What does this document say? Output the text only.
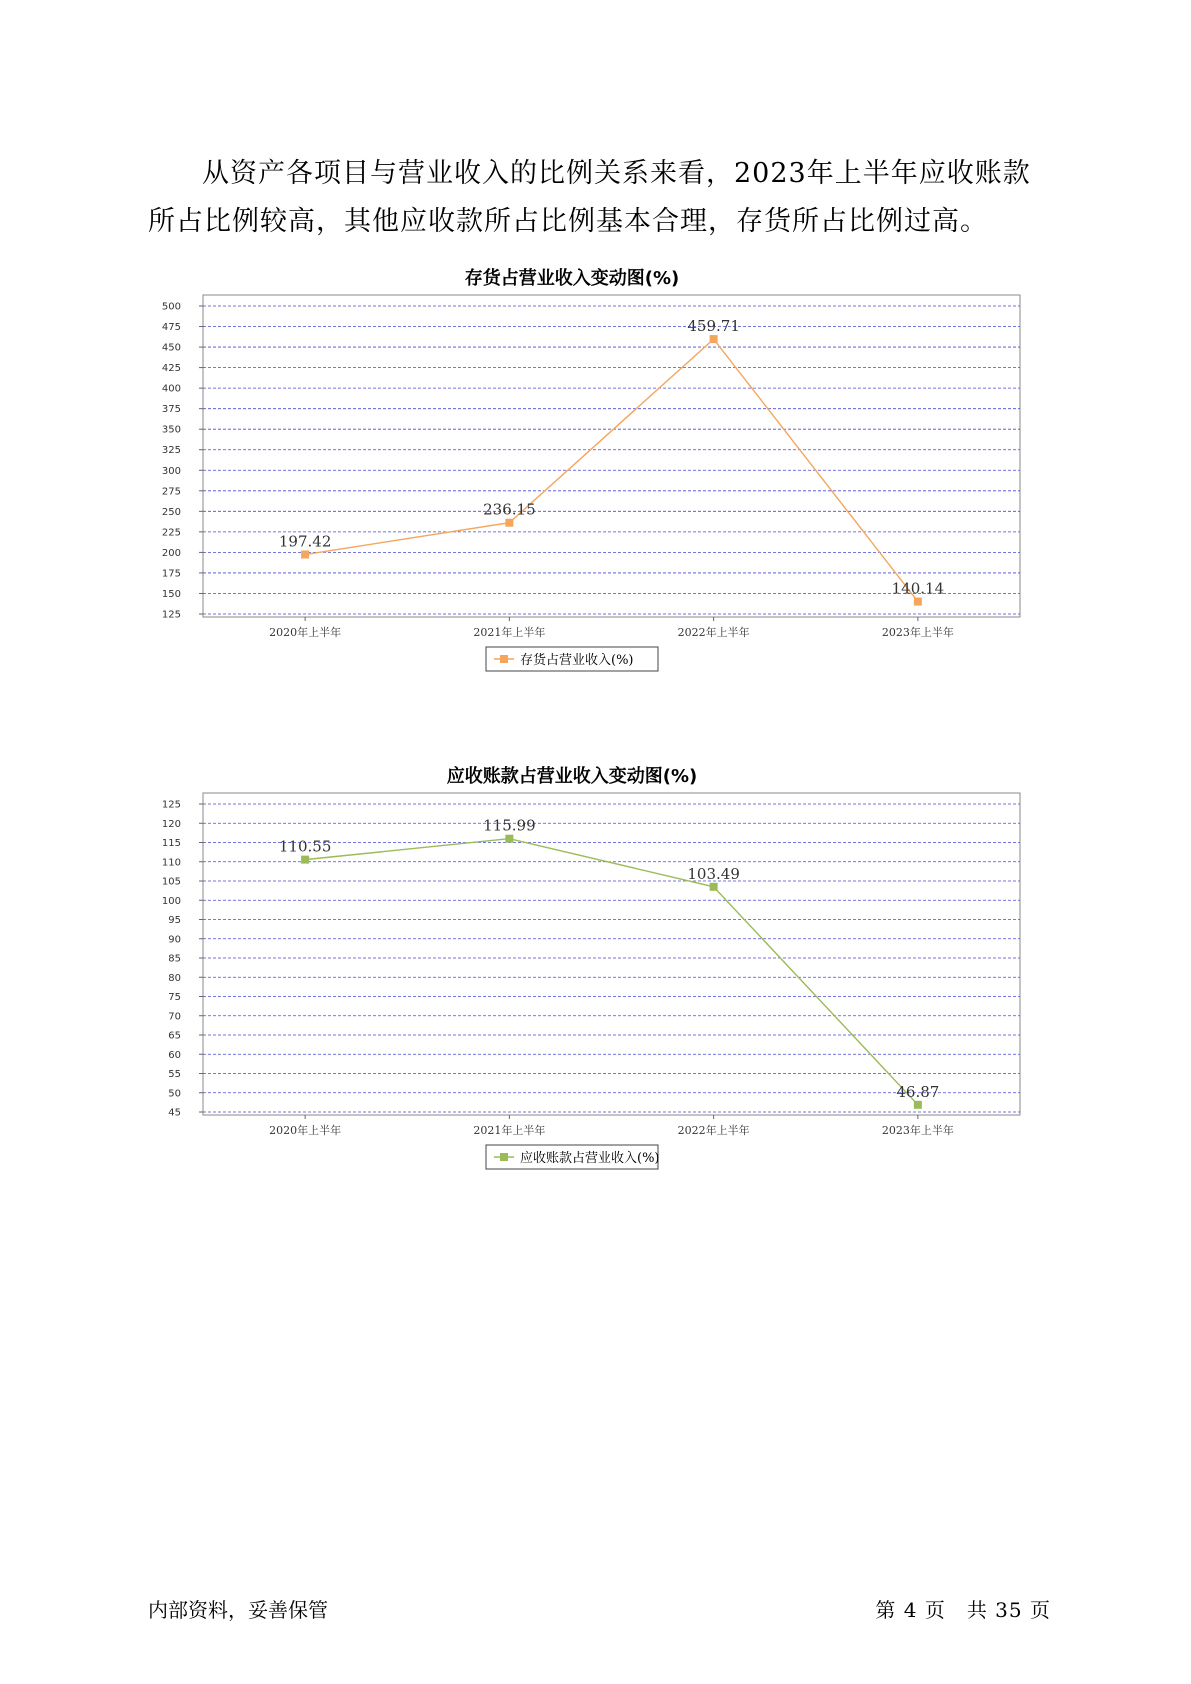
从资产各项目与营业收入的比例关系来看，2023年上半年应收账款所占比例较高，其他应收款所占比例基本合理，存货所占比例过高。

存货占营业收入变动图(%)
125
150
175
200
225
250
275
300
325
350
375
400
425
450
475
500
2020年上半年	2021年上半年	2022年上半年	2023年上半年
197.42
236.15
459.71
140.14
存货占营业收入(%)
应收账款占营业收入变动图(%)
45
50
55
60
65
70
75
80
85
90
95
100
105
110
115
120
125
2020年上半年	2021年上半年	2022年上半年	2023年上半年
110.55
115.99
103.49
46.87
应收账款占营业收入(%)
内部资料，妥善保管	第 4 页　共 35 页
